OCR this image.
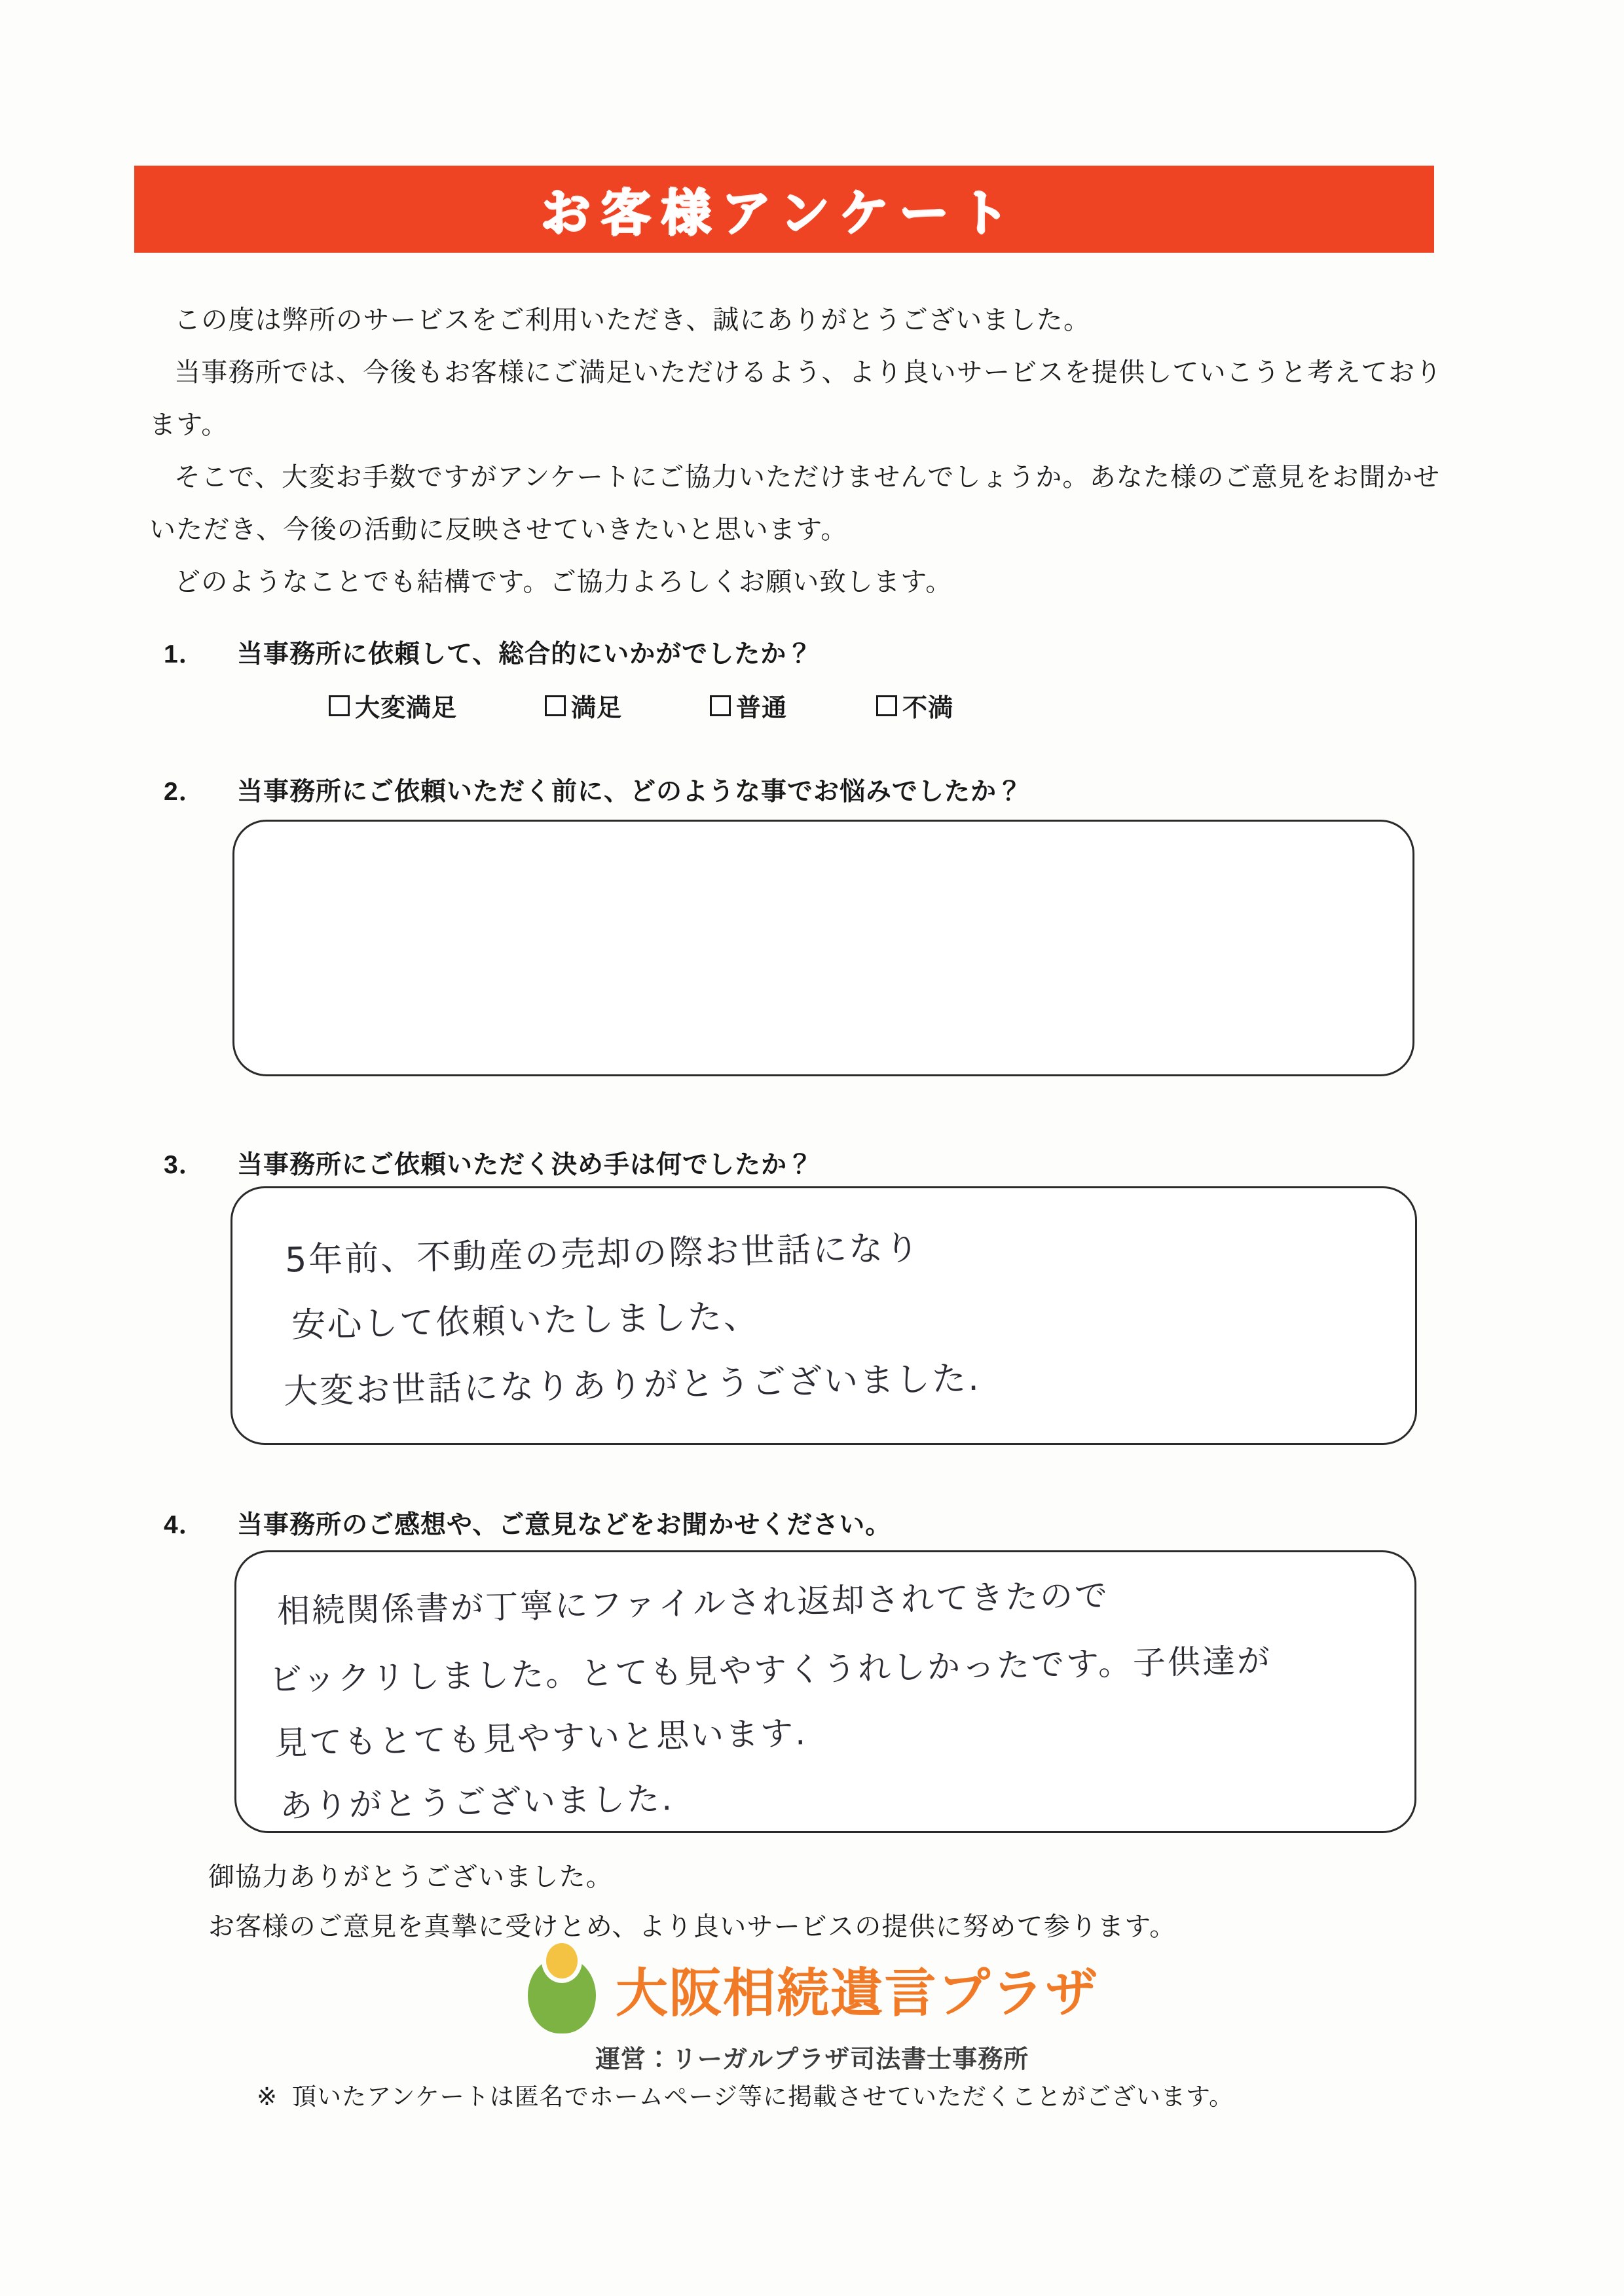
お客様アンケート

この度は弊所のサービスをご利用いただき、誠にありがとうございました。

当事務所では、今後もお客様にご満足いただけるよう、より良いサービスを提供していこうと考えており

ます。

そこで、大変お手数ですがアンケートにご協力いただけませんでしょうか。あなた様のご意見をお聞かせ

いただき、今後の活動に反映させていきたいと思います。

どのようなことでも結構です。ご協力よろしくお願い致します。

1．	当事務所に依頼して、総合的にいかがでしたか？
大変満足	満足	普通	不満
2．	当事務所にご依頼いただく前に、どのような事でお悩みでしたか？
3．	当事務所にご依頼いただく決め手は何でしたか？
5年前、不動産の売却の際お世話になり
安心して依頼いたしました、
大変お世話になりありがとうございました.
4．	当事務所のご感想や、ご意見などをお聞かせください。
相続関係書が丁寧にファイルされ返却されてきたので
ビックリしました。とても見やすくうれしかったです。子供達が
見てもとても見やすいと思います.
ありがとうございました.

御協力ありがとうございました。

お客様のご意見を真摯に受けとめ、より良いサービスの提供に努めて参ります。

大阪相続遺言プラザ
運営：リーガルプラザ司法書士事務所
※ 頂いたアンケートは匿名でホームページ等に掲載させていただくことがございます。
